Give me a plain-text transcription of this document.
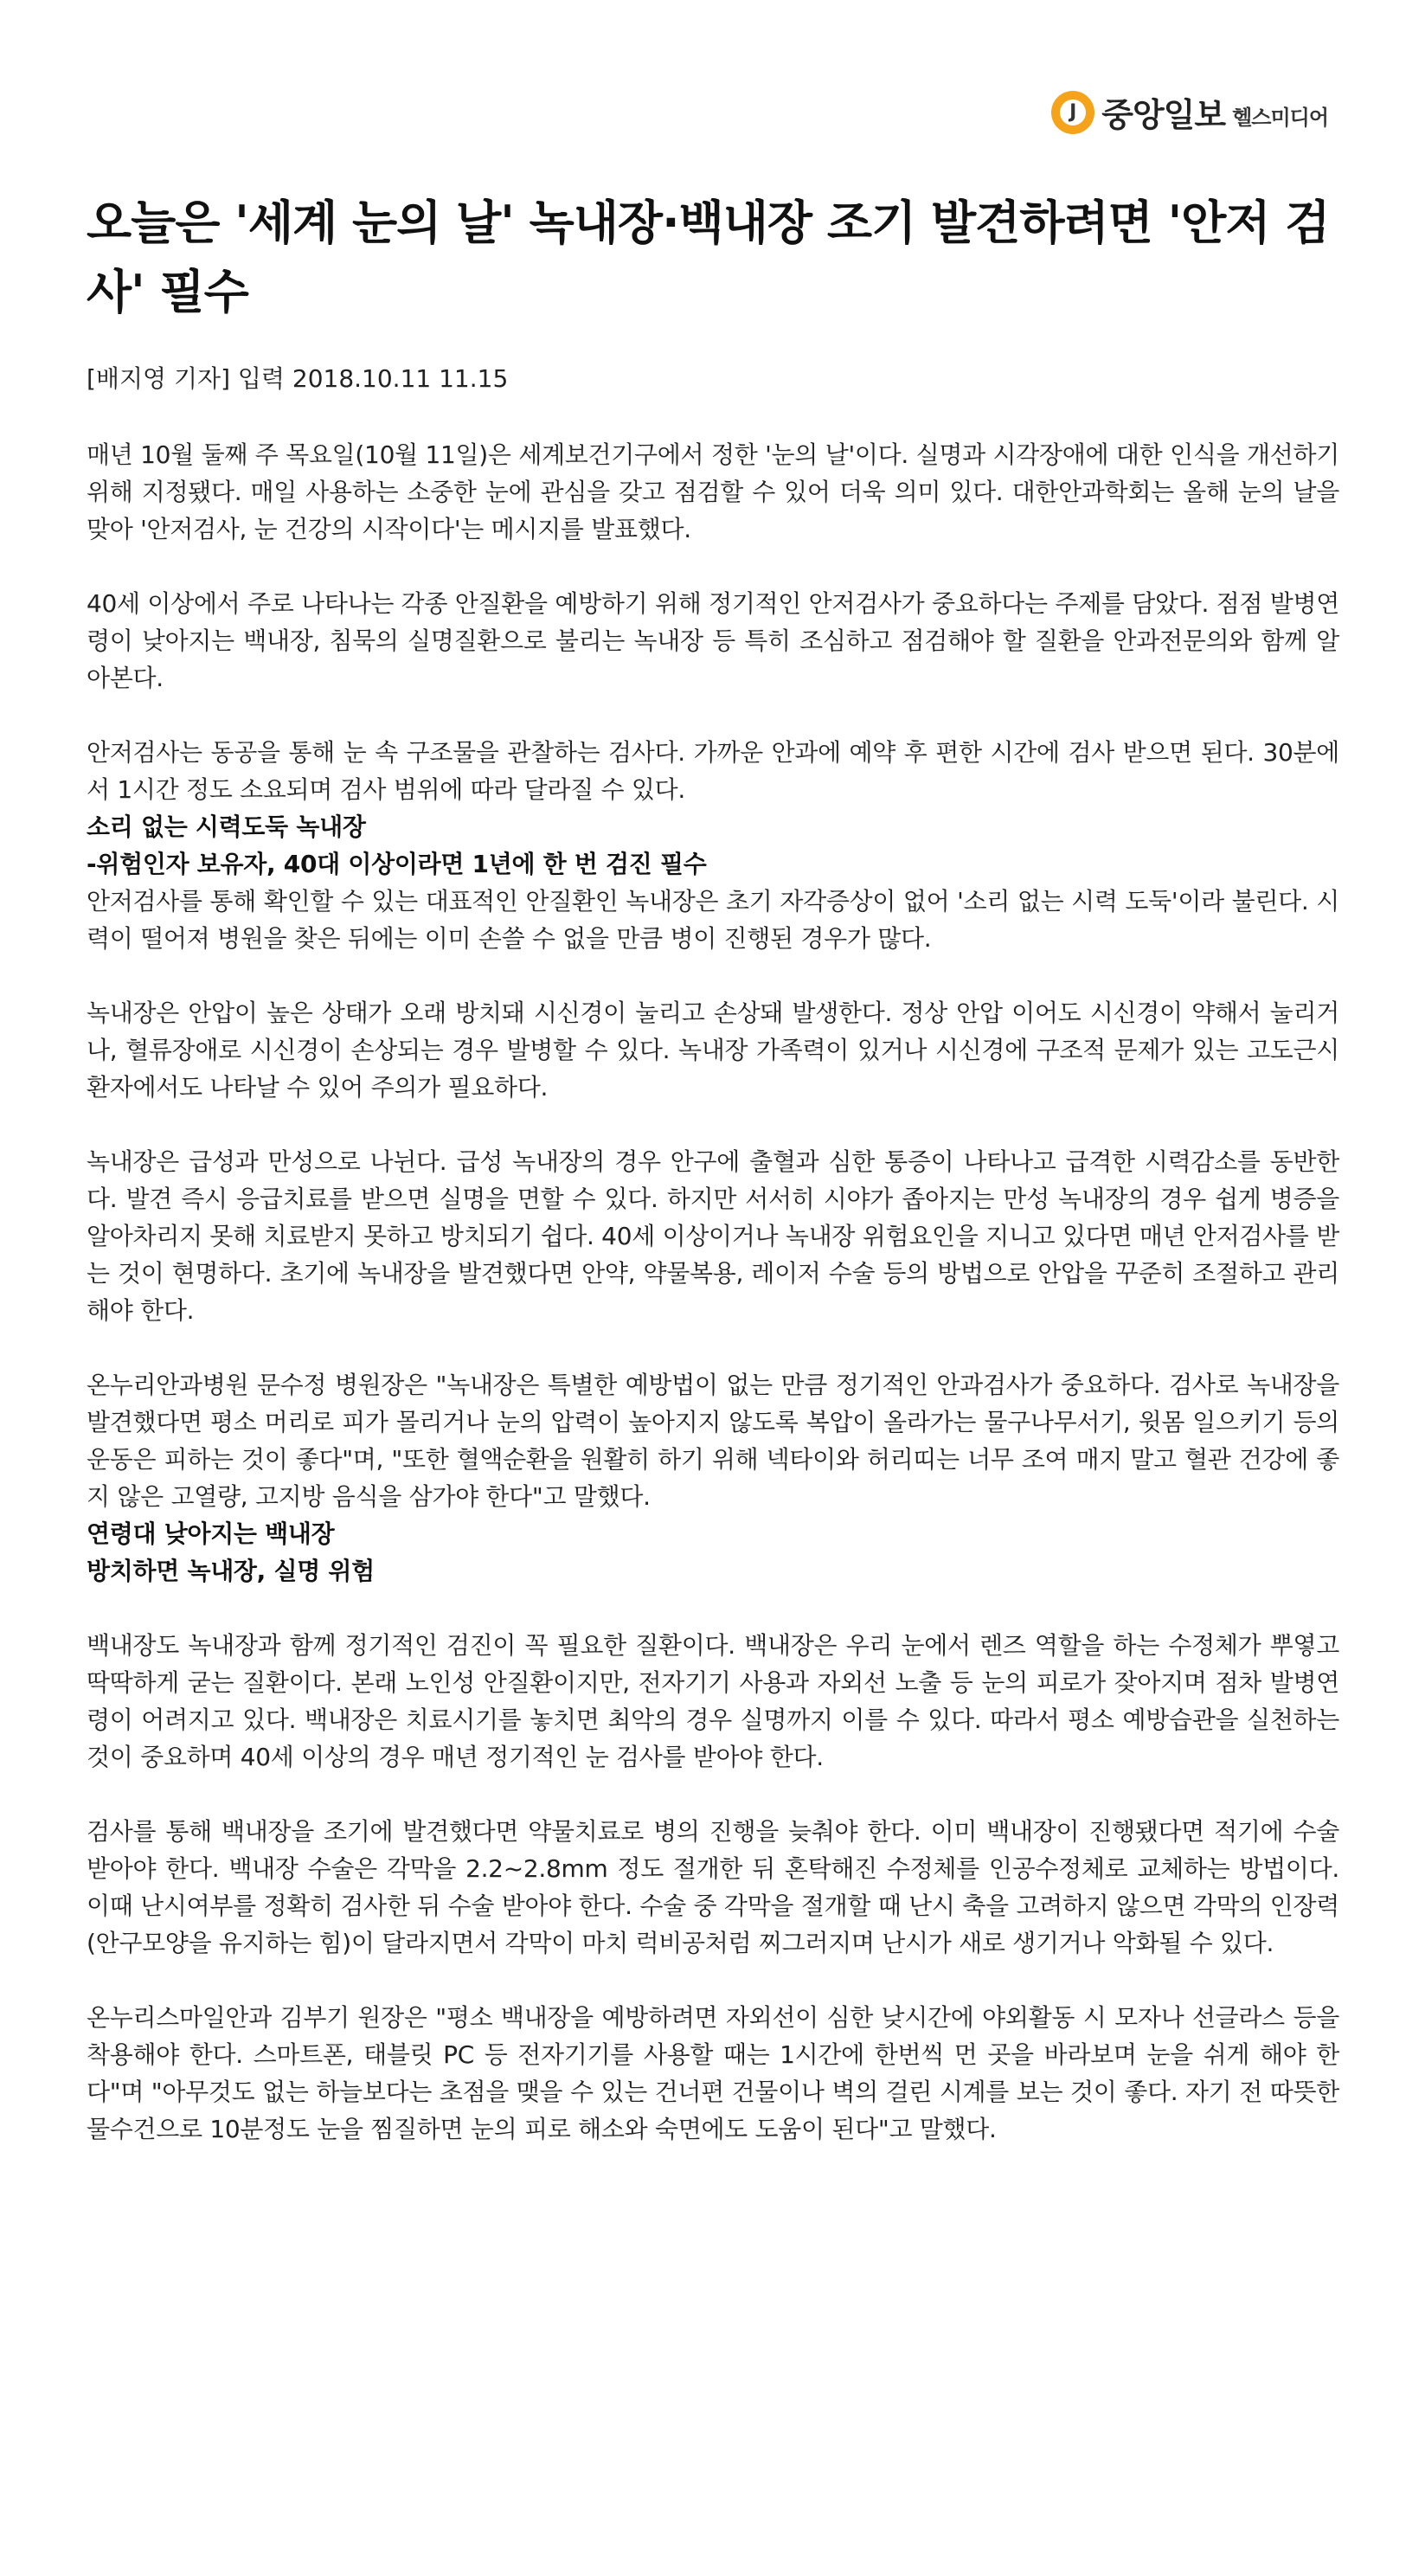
J 중앙일보 헬스미디어
오늘은 '세계 눈의 날' 녹내장·백내장 조기 발견하려면 '안저 검사' 필수
[배지영 기자] 입력 2018.10.11 11.15

매년 10월 둘째 주 목요일(10월 11일)은 세계보건기구에서 정한 '눈의 날'이다. 실명과 시각장애에 대한 인식을 개선하기 위해 지정됐다. 매일 사용하는 소중한 눈에 관심을 갖고 점검할 수 있어 더욱 의미 있다. 대한안과학회는 올해 눈의 날을 맞아 '안저검사, 눈 건강의 시작이다'는 메시지를 발표했다.

40세 이상에서 주로 나타나는 각종 안질환을 예방하기 위해 정기적인 안저검사가 중요하다는 주제를 담았다. 점점 발병연령이 낮아지는 백내장, 침묵의 실명질환으로 불리는 녹내장 등 특히 조심하고 점검해야 할 질환을 안과전문의와 함께 알아본다.

안저검사는 동공을 통해 눈 속 구조물을 관찰하는 검사다. 가까운 안과에 예약 후 편한 시간에 검사 받으면 된다. 30분에서 1시간 정도 소요되며 검사 범위에 따라 달라질 수 있다.

소리 없는 시력도둑 녹내장

-위험인자 보유자, 40대 이상이라면 1년에 한 번 검진 필수

안저검사를 통해 확인할 수 있는 대표적인 안질환인 녹내장은 초기 자각증상이 없어 '소리 없는 시력 도둑'이라 불린다. 시력이 떨어져 병원을 찾은 뒤에는 이미 손쓸 수 없을 만큼 병이 진행된 경우가 많다.

녹내장은 안압이 높은 상태가 오래 방치돼 시신경이 눌리고 손상돼 발생한다. 정상 안압 이어도 시신경이 약해서 눌리거나, 혈류장애로 시신경이 손상되는 경우 발병할 수 있다. 녹내장 가족력이 있거나 시신경에 구조적 문제가 있는 고도근시 환자에서도 나타날 수 있어 주의가 필요하다.

녹내장은 급성과 만성으로 나뉜다. 급성 녹내장의 경우 안구에 출혈과 심한 통증이 나타나고 급격한 시력감소를 동반한다. 발견 즉시 응급치료를 받으면 실명을 면할 수 있다. 하지만 서서히 시야가 좁아지는 만성 녹내장의 경우 쉽게 병증을 알아차리지 못해 치료받지 못하고 방치되기 쉽다. 40세 이상이거나 녹내장 위험요인을 지니고 있다면 매년 안저검사를 받는 것이 현명하다. 초기에 녹내장을 발견했다면 안약, 약물복용, 레이저 수술 등의 방법으로 안압을 꾸준히 조절하고 관리해야 한다.

온누리안과병원 문수정 병원장은 "녹내장은 특별한 예방법이 없는 만큼 정기적인 안과검사가 중요하다. 검사로 녹내장을 발견했다면 평소 머리로 피가 몰리거나 눈의 압력이 높아지지 않도록 복압이 올라가는 물구나무서기, 윗몸 일으키기 등의 운동은 피하는 것이 좋다"며, "또한 혈액순환을 원활히 하기 위해 넥타이와 허리띠는 너무 조여 매지 말고 혈관 건강에 좋지 않은 고열량, 고지방 음식을 삼가야 한다"고 말했다.

연령대 낮아지는 백내장

방치하면 녹내장, 실명 위험

백내장도 녹내장과 함께 정기적인 검진이 꼭 필요한 질환이다. 백내장은 우리 눈에서 렌즈 역할을 하는 수정체가 뿌옇고 딱딱하게 굳는 질환이다. 본래 노인성 안질환이지만, 전자기기 사용과 자외선 노출 등 눈의 피로가 잦아지며 점차 발병연령이 어려지고 있다. 백내장은 치료시기를 놓치면 최악의 경우 실명까지 이를 수 있다. 따라서 평소 예방습관을 실천하는 것이 중요하며 40세 이상의 경우 매년 정기적인 눈 검사를 받아야 한다.

검사를 통해 백내장을 조기에 발견했다면 약물치료로 병의 진행을 늦춰야 한다. 이미 백내장이 진행됐다면 적기에 수술 받아야 한다. 백내장 수술은 각막을 2.2~2.8mm 정도 절개한 뒤 혼탁해진 수정체를 인공수정체로 교체하는 방법이다. 이때 난시여부를 정확히 검사한 뒤 수술 받아야 한다. 수술 중 각막을 절개할 때 난시 축을 고려하지 않으면 각막의 인장력(안구모양을 유지하는 힘)이 달라지면서 각막이 마치 럭비공처럼 찌그러지며 난시가 새로 생기거나 악화될 수 있다.

온누리스마일안과 김부기 원장은 "평소 백내장을 예방하려면 자외선이 심한 낮시간에 야외활동 시 모자나 선글라스 등을 착용해야 한다. 스마트폰, 태블릿 PC 등 전자기기를 사용할 때는 1시간에 한번씩 먼 곳을 바라보며 눈을 쉬게 해야 한다"며 "아무것도 없는 하늘보다는 초점을 맺을 수 있는 건너편 건물이나 벽의 걸린 시계를 보는 것이 좋다. 자기 전 따뜻한 물수건으로 10분정도 눈을 찜질하면 눈의 피로 해소와 숙면에도 도움이 된다"고 말했다.
